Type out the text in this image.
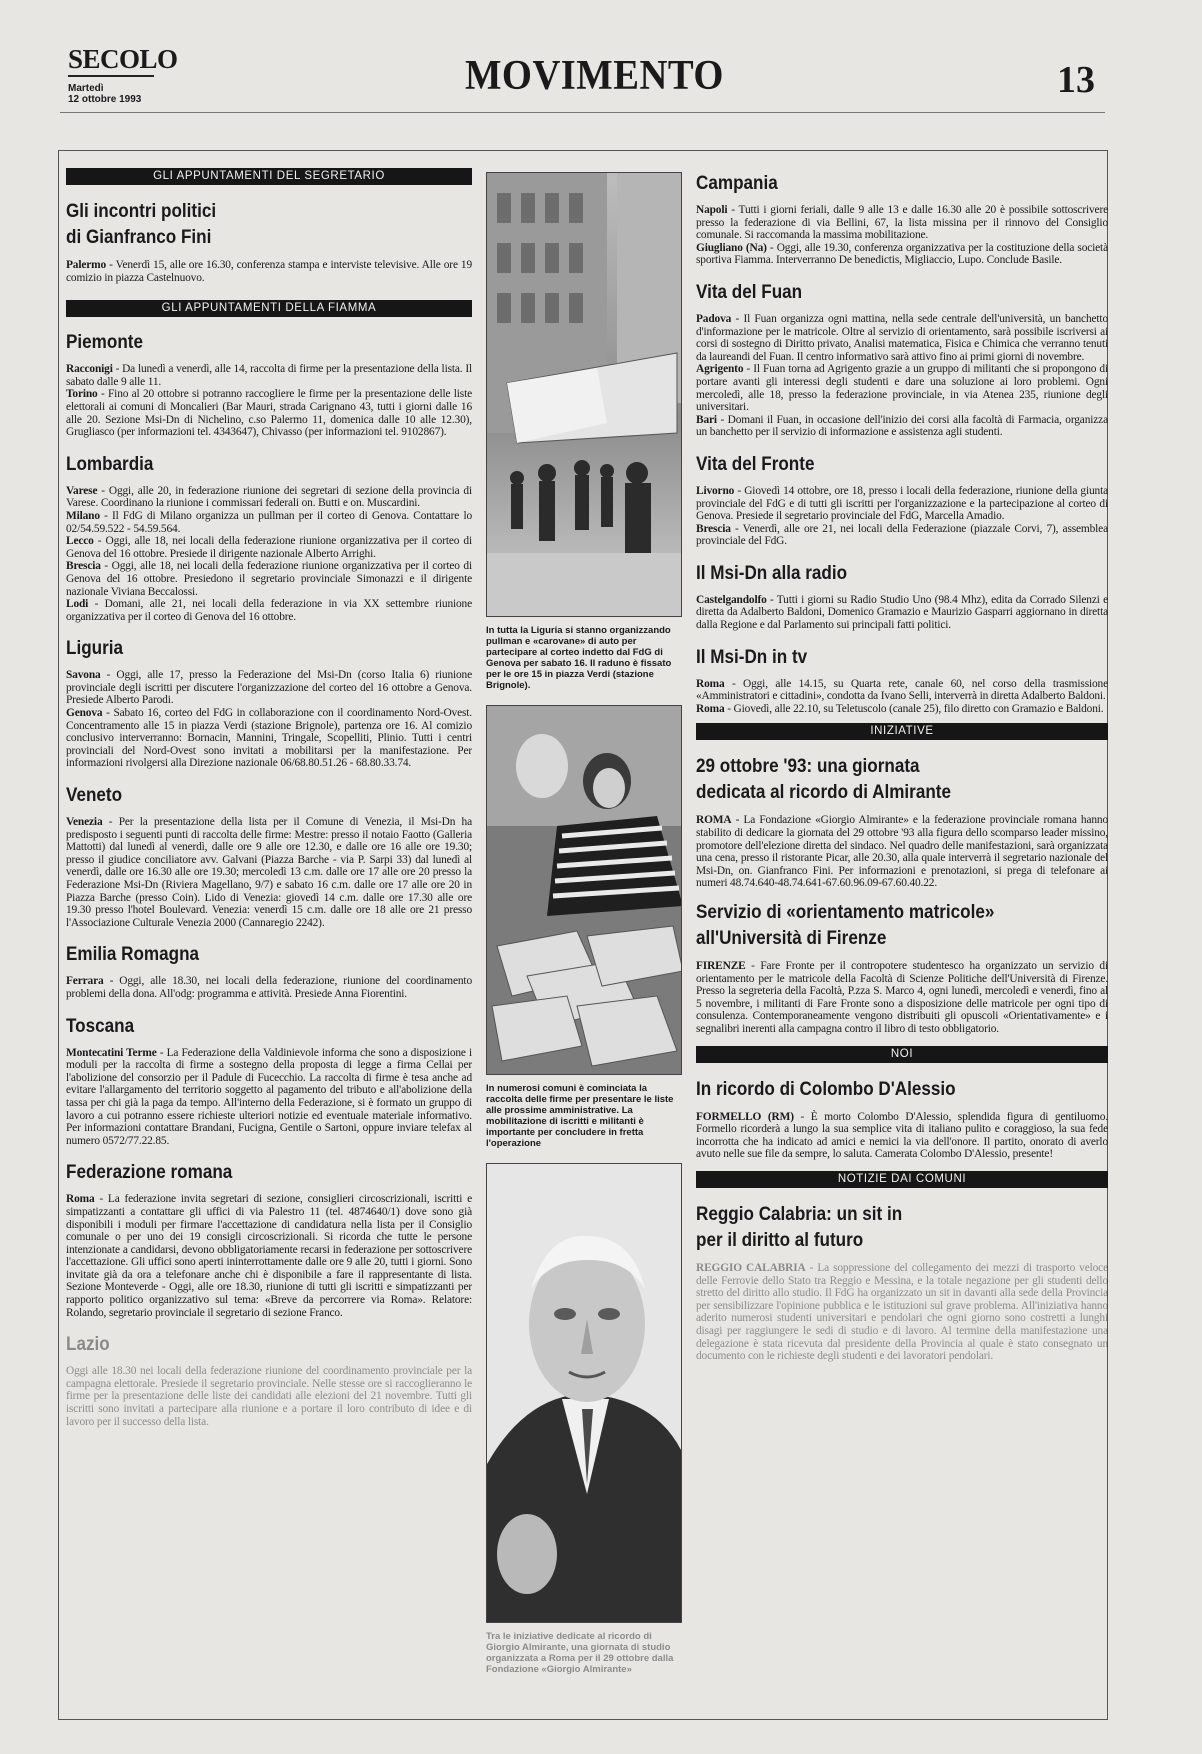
SECOLO
Martedì
12 ottobre 1993
MOVIMENTO	13
GLI APPUNTAMENTI DEL SEGRETARIO
Gli incontri politici
di Gianfranco Fini

Palermo - Venerdì 15, alle ore 16.30, conferenza stampa e interviste televisive. Alle ore 19 comizio in piazza Castelnuovo.

GLI APPUNTAMENTI DELLA FIAMMA
Piemonte

Racconigi - Da lunedì a venerdì, alle 14, raccolta di firme per la presentazione della lista. Il sabato dalle 9 alle 11.

Torino - Fino al 20 ottobre si potranno raccogliere le firme per la presentazione delle liste elettorali ai comuni di Moncalieri (Bar Mauri, strada Carignano 43, tutti i giorni dalle 16 alle 20. Sezione Msi-Dn di Nichelino, c.so Palermo 11, domenica dalle 10 alle 12.30), Grugliasco (per informazioni tel. 4343647), Chivasso (per informazioni tel. 9102867).

Lombardia

Varese - Oggi, alle 20, in federazione riunione dei segretari di sezione della provincia di Varese. Coordinano la riunione i commissari federali on. Butti e on. Muscardini.

Milano - Il FdG di Milano organizza un pullman per il corteo di Genova. Contattare lo 02/54.59.522 - 54.59.564.

Lecco - Oggi, alle 18, nei locali della federazione riunione organizzativa per il corteo di Genova del 16 ottobre. Presiede il dirigente nazionale Alberto Arrighi.

Brescia - Oggi, alle 18, nei locali della federazione riunione organizzativa per il corteo di Genova del 16 ottobre. Presiedono il segretario provinciale Simonazzi e il dirigente nazionale Viviana Beccalossi.

Lodi - Domani, alle 21, nei locali della federazione in via XX settembre riunione organizzativa per il corteo di Genova del 16 ottobre.

Liguria

Savona - Oggi, alle 17, presso la Federazione del Msi-Dn (corso Italia 6) riunione provinciale degli iscritti per discutere l'organizzazione del corteo del 16 ottobre a Genova. Presiede Alberto Parodi.

Genova - Sabato 16, corteo del FdG in collaborazione con il coordinamento Nord-Ovest. Concentramento alle 15 in piazza Verdi (stazione Brignole), partenza ore 16. Al comizio conclusivo interverranno: Bornacin, Mannini, Tringale, Scopelliti, Plinio. Tutti i centri provinciali del Nord-Ovest sono invitati a mobilitarsi per la manifestazione. Per informazioni rivolgersi alla Direzione nazionale 06/68.80.51.26 - 68.80.33.74.

Veneto

Venezia - Per la presentazione della lista per il Comune di Venezia, il Msi-Dn ha predisposto i seguenti punti di raccolta delle firme: Mestre: presso il notaio Faotto (Galleria Mattotti) dal lunedì al venerdì, dalle ore 9 alle ore 12.30, e dalle ore 16 alle ore 19.30; presso il giudice conciliatore avv. Galvani (Piazza Barche - via P. Sarpi 33) dal lunedì al venerdì, dalle ore 16.30 alle ore 19.30; mercoledì 13 c.m. dalle ore 17 alle ore 20 presso la Federazione Msi-Dn (Riviera Magellano, 9/7) e sabato 16 c.m. dalle ore 17 alle ore 20 in Piazza Barche (presso Coin). Lido di Venezia: giovedì 14 c.m. dalle ore 17.30 alle ore 19.30 presso l'hotel Boulevard. Venezia: venerdì 15 c.m. dalle ore 18 alle ore 21 presso l'Associazione Culturale Venezia 2000 (Cannaregio 2242).

Emilia Romagna

Ferrara - Oggi, alle 18.30, nei locali della federazione, riunione del coordinamento problemi della dona. All'odg: programma e attività. Presiede Anna Fiorentini.

Toscana

Montecatini Terme - La Federazione della Valdinievole informa che sono a disposizione i moduli per la raccolta di firme a sostegno della proposta di legge a firma Cellai per l'abolizione del consorzio per il Padule di Fucecchio. La raccolta di firme è tesa anche ad evitare l'allargamento del territorio soggetto al pagamento del tributo e all'abolizione della tassa per chi già la paga da tempo. All'interno della Federazione, si è formato un gruppo di lavoro a cui potranno essere richieste ulteriori notizie ed eventuale materiale informativo. Per informazioni contattare Brandani, Fucigna, Gentile o Sartoni, oppure inviare telefax al numero 0572/77.22.85.

Federazione romana

Roma - La federazione invita segretari di sezione, consiglieri circoscrizionali, iscritti e simpatizzanti a contattare gli uffici di via Palestro 11 (tel. 4874640/1) dove sono già disponibili i moduli per firmare l'accettazione di candidatura nella lista per il Consiglio comunale o per uno dei 19 consigli circoscrizionali. Si ricorda che tutte le persone intenzionate a candidarsi, devono obbligatoriamente recarsi in federazione per sottoscrivere l'accettazione. Gli uffici sono aperti ininterrottamente dalle ore 9 alle 20, tutti i giorni. Sono invitate già da ora a telefonare anche chi è disponibile a fare il rappresentante di lista. Sezione Monteverde - Oggi, alle ore 18.30, riunione di tutti gli iscritti e simpatizzanti per rapporto politico organizzativo sul tema: «Breve da percorrere via Roma». Relatore: Rolando, segretario provinciale il segretario di sezione Franco.

Lazio
Oggi alle 18.30 nei locali della federazione riunione del coordinamento provinciale per la campagna elettorale. Presiede il segretario provinciale. Nelle stesse ore si raccoglieranno le firme per la presentazione delle liste dei candidati alle elezioni del 21 novembre. Tutti gli iscritti sono invitati a partecipare alla riunione e a portare il loro contributo di idee e di lavoro per il successo della lista.
In tutta la Liguria si stanno organizzando pullman e «carovane» di auto per partecipare al corteo indetto dal FdG di Genova per sabato 16. Il raduno è fissato per le ore 15 in piazza Verdi (stazione Brignole).
In numerosi comuni è cominciata la raccolta delle firme per presentare le liste alle prossime amministrative. La mobilitazione di iscritti e militanti è importante per concludere in fretta l'operazione
Tra le iniziative dedicate al ricordo di Giorgio Almirante, una giornata di studio organizzata a Roma per il 29 ottobre dalla Fondazione «Giorgio Almirante»
Campania

Napoli - Tutti i giorni feriali, dalle 9 alle 13 e dalle 16.30 alle 20 è possibile sottoscrivere presso la federazione di via Bellini, 67, la lista missina per il rinnovo del Consiglio comunale. Si raccomanda la massima mobilitazione.

Giugliano (Na) - Oggi, alle 19.30, conferenza organizzativa per la costituzione della società sportiva Fiamma. Interverranno De benedictis, Migliaccio, Lupo. Conclude Basile.

Vita del Fuan

Padova - Il Fuan organizza ogni mattina, nella sede centrale dell'università, un banchetto d'informazione per le matricole. Oltre al servizio di orientamento, sarà possibile iscriversi ai corsi di sostegno di Diritto privato, Analisi matematica, Fisica e Chimica che verranno tenuti da laureandi del Fuan. Il centro informativo sarà attivo fino ai primi giorni di novembre.

Agrigento - Il Fuan torna ad Agrigento grazie a un gruppo di militanti che si propongono di portare avanti gli interessi degli studenti e dare una soluzione ai loro problemi. Ogni mercoledì, alle 18, presso la federazione provinciale, in via Atenea 235, riunione degli universitari.

Bari - Domani il Fuan, in occasione dell'inizio dei corsi alla facoltà di Farmacia, organizza un banchetto per il servizio di informazione e assistenza agli studenti.

Vita del Fronte

Livorno - Giovedì 14 ottobre, ore 18, presso i locali della federazione, riunione della giunta provinciale del FdG e di tutti gli iscritti per l'organizzazione e la partecipazione al corteo di Genova. Presiede il segretario provinciale del FdG, Marcella Amadio.

Brescia - Venerdì, alle ore 21, nei locali della Federazione (piazzale Corvi, 7), assemblea provinciale del FdG.

Il Msi-Dn alla radio

Castelgandolfo - Tutti i giorni su Radio Studio Uno (98.4 Mhz), edita da Corrado Silenzi e diretta da Adalberto Baldoni, Domenico Gramazio e Maurizio Gasparri aggiornano in diretta dalla Regione e dal Parlamento sui principali fatti politici.

Il Msi-Dn in tv

Roma - Oggi, alle 14.15, su Quarta rete, canale 60, nel corso della trasmissione «Amministratori e cittadini», condotta da Ivano Selli, interverrà in diretta Adalberto Baldoni.

Roma - Giovedì, alle 22.10, su Teletuscolo (canale 25), filo diretto con Gramazio e Baldoni.

INIZIATIVE
29 ottobre '93: una giornata
dedicata al ricordo di Almirante

ROMA - La Fondazione «Giorgio Almirante» e la federazione provinciale romana hanno stabilito di dedicare la giornata del 29 ottobre '93 alla figura dello scomparso leader missino, promotore dell'elezione diretta del sindaco. Nel quadro delle manifestazioni, sarà organizzata una cena, presso il ristorante Picar, alle 20.30, alla quale interverrà il segretario nazionale del Msi-Dn, on. Gianfranco Fini. Per informazioni e prenotazioni, si prega di telefonare ai numeri 48.74.640-48.74.641-67.60.96.09-67.60.40.22.

Servizio di «orientamento matricole»
all'Università di Firenze

FIRENZE - Fare Fronte per il contropotere studentesco ha organizzato un servizio di orientamento per le matricole della Facoltà di Scienze Politiche dell'Università di Firenze. Presso la segreteria della Facoltà, P.zza S. Marco 4, ogni lunedì, mercoledì e venerdì, fino al 5 novembre, i militanti di Fare Fronte sono a disposizione delle matricole per ogni tipo di consulenza. Contemporaneamente vengono distribuiti gli opuscoli «Orientativamente» e i segnalibri inerenti alla campagna contro il libro di testo obbligatorio.

NOI
In ricordo di Colombo D'Alessio

FORMELLO (RM) - È morto Colombo D'Alessio, splendida figura di gentiluomo. Formello ricorderà a lungo la sua semplice vita di italiano pulito e coraggioso, la sua fede incorrotta che ha indicato ad amici e nemici la via dell'onore. Il partito, onorato di averlo avuto nelle sue file da sempre, lo saluta. Camerata Colombo D'Alessio, presente!

NOTIZIE DAI COMUNI
Reggio Calabria: un sit in
per il diritto al futuro

REGGIO CALABRIA - La soppressione del collegamento dei mezzi di trasporto veloce delle Ferrovie dello Stato tra Reggio e Messina, e la totale negazione per gli studenti dello stretto del diritto allo studio. Il FdG ha organizzato un sit in davanti alla sede della Provincia per sensibilizzare l'opinione pubblica e le istituzioni sul grave problema. All'iniziativa hanno aderito numerosi studenti universitari e pendolari che ogni giorno sono costretti a lunghi disagi per raggiungere le sedi di studio e di lavoro. Al termine della manifestazione una delegazione è stata ricevuta dal presidente della Provincia al quale è stato consegnato un documento con le richieste degli studenti e dei lavoratori pendolari.
